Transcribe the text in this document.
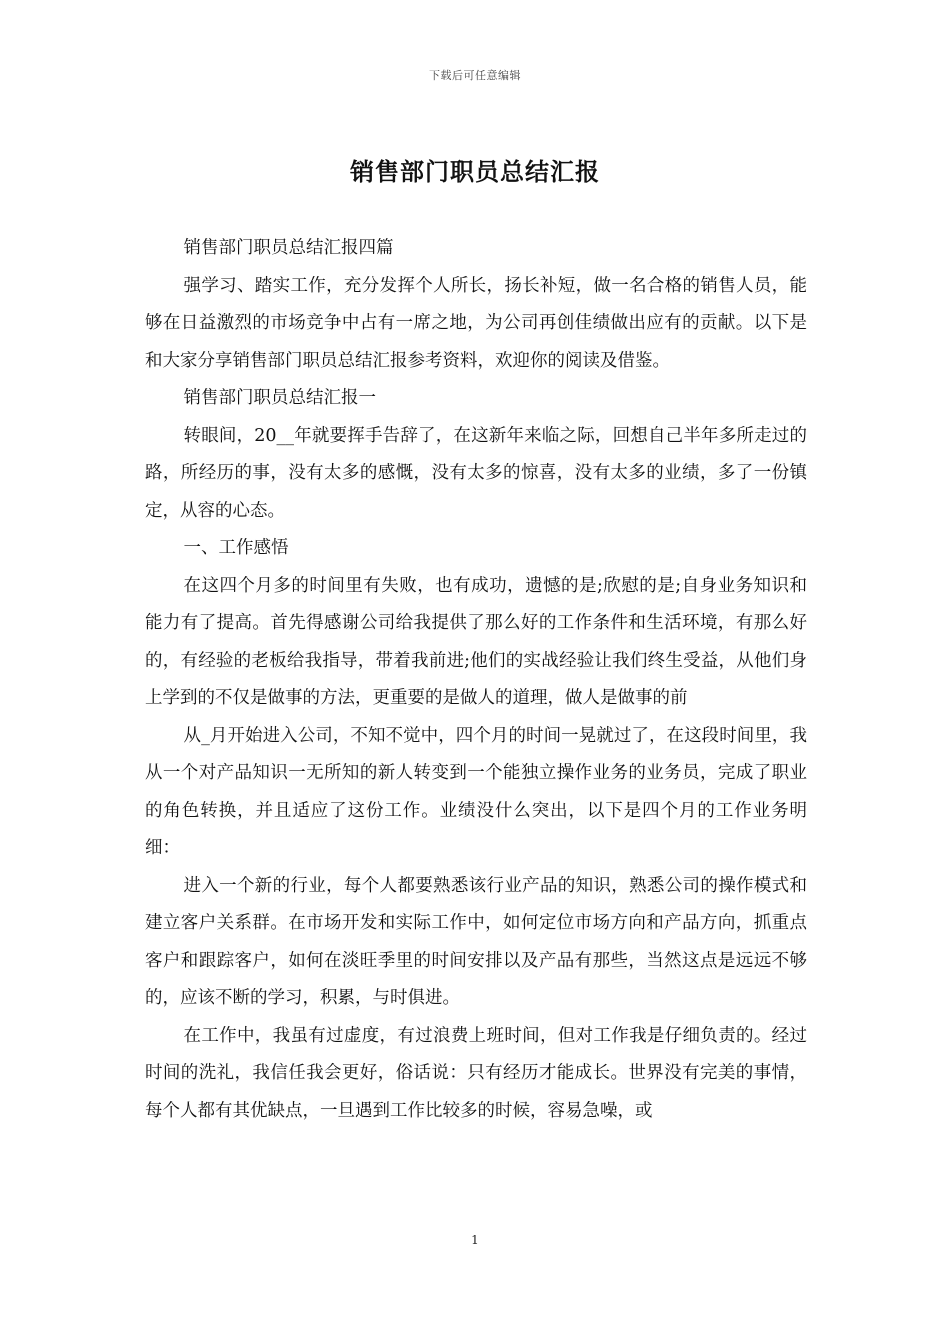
下载后可任意编辑
销售部门职员总结汇报

销售部门职员总结汇报四篇

强学习、踏实工作，充分发挥个人所长，扬长补短，做一名合格的销售人员，能够在日益激烈的市场竞争中占有一席之地，为公司再创佳绩做出应有的贡献。以下是和大家分享销售部门职员总结汇报参考资料，欢迎你的阅读及借鉴。

销售部门职员总结汇报一

转眼间，20__年就要挥手告辞了，在这新年来临之际，回想自己半年多所走过的路，所经历的事，没有太多的感慨，没有太多的惊喜，没有太多的业绩，多了一份镇定，从容的心态。

一、工作感悟

在这四个月多的时间里有失败，也有成功，遗憾的是;欣慰的是;自身业务知识和能力有了提高。首先得感谢公司给我提供了那么好的工作条件和生活环境，有那么好的，有经验的老板给我指导，带着我前进;他们的实战经验让我们终生受益，从他们身上学到的不仅是做事的方法，更重要的是做人的道理，做人是做事的前

从_月开始进入公司，不知不觉中，四个月的时间一晃就过了，在这段时间里，我从一个对产品知识一无所知的新人转变到一个能独立操作业务的业务员，完成了职业的角色转换，并且适应了这份工作。业绩没什么突出，以下是四个月的工作业务明细：

进入一个新的行业，每个人都要熟悉该行业产品的知识，熟悉公司的操作模式和建立客户关系群。在市场开发和实际工作中，如何定位市场方向和产品方向，抓重点客户和跟踪客户，如何在淡旺季里的时间安排以及产品有那些，当然这点是远远不够的，应该不断的学习，积累，与时俱进。

在工作中，我虽有过虚度，有过浪费上班时间，但对工作我是仔细负责的。经过时间的洗礼，我信任我会更好，俗话说：只有经历才能成长。世界没有完美的事情，每个人都有其优缺点，一旦遇到工作比较多的时候，容易急噪，或

1
